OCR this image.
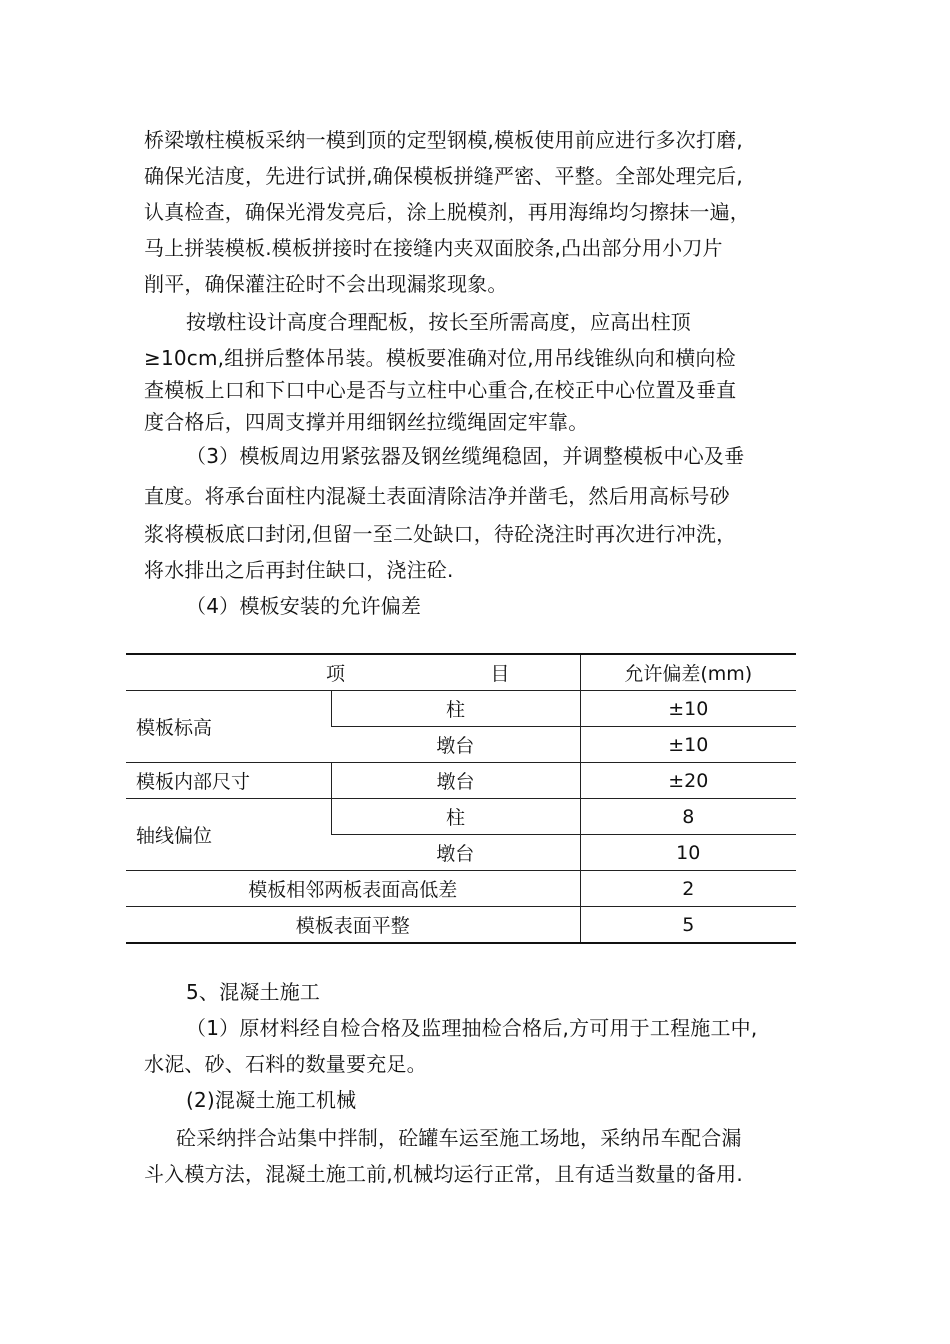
桥梁墩柱模板采纳一模到顶的定型钢模,模板使用前应进行多次打磨,
确保光洁度，先进行试拼,确保模板拼缝严密、平整。全部处理完后,
认真检查，确保光滑发亮后，涂上脱模剂，再用海绵均匀擦抹一遍，
马上拼装模板.模板拼接时在接缝内夹双面胶条,凸出部分用小刀片
削平，确保灌注砼时不会出现漏浆现象。
按墩柱设计高度合理配板，按长至所需高度，应高出柱顶
≥10cm,组拼后整体吊装。模板要准确对位,用吊线锥纵向和横向检
查模板上口和下口中心是否与立柱中心重合,在校正中心位置及垂直
度合格后，四周支撑并用细钢丝拉缆绳固定牢靠。
（3）模板周边用紧弦器及钢丝缆绳稳固，并调整模板中心及垂
直度。将承台面柱内混凝土表面清除洁净并凿毛，然后用高标号砂
浆将模板底口封闭,但留一至二处缺口，待砼浇注时再次进行冲洗，
将水排出之后再封住缺口，浇注砼.
（4）模板安装的允许偏差
项 目		允许偏差(mm)
模板标高	柱	±10
	墩台	±10
模板内部尺寸	墩台	±20
轴线偏位	柱	8
	墩台	10
模板相邻两板表面高低差		2
模板表面平整		5
5、混凝土施工
（1）原材料经自检合格及监理抽检合格后,方可用于工程施工中,
水泥、砂、石料的数量要充足。
(2)混凝土施工机械
砼采纳拌合站集中拌制，砼罐车运至施工场地，采纳吊车配合漏
斗入模方法，混凝土施工前,机械均运行正常，且有适当数量的备用.
